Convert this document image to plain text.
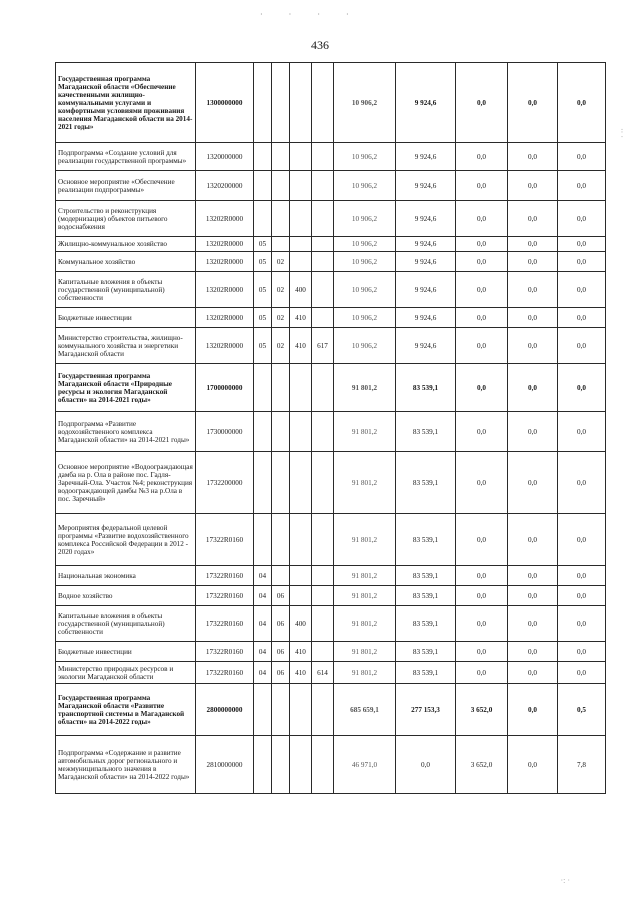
· · · ·
436
Государственная программа Магаданской области «Обеспечение качественными жилищно-коммунальными услугами и комфортными условиями проживания населения Магаданской области на 2014-2021 годы»	1300000000					10 906,2	9 924,6	0,0	0,0	0,0
Подпрограмма «Создание условий для реализации государственной программы»	1320000000					10 906,2	9 924,6	0,0	0,0	0,0
Основное мероприятие «Обеспечение реализации подпрограммы»	1320200000					10 906,2	9 924,6	0,0	0,0	0,0
Строительство и реконструкция (модернизация) объектов питьевого водоснабжения	13202R0000					10 906,2	9 924,6	0,0	0,0	0,0
Жилищно-коммунальное хозяйство	13202R0000	05				10 906,2	9 924,6	0,0	0,0	0,0
Коммунальное хозяйство	13202R0000	05	02			10 906,2	9 924,6	0,0	0,0	0,0
Капитальные вложения в объекты государственной (муниципальной) собственности	13202R0000	05	02	400		10 906,2	9 924,6	0,0	0,0	0,0
Бюджетные инвестиции	13202R0000	05	02	410		10 906,2	9 924,6	0,0	0,0	0,0
Министерство строительства, жилищно-коммунального хозяйства и энергетики Магаданской области	13202R0000	05	02	410	617	10 906,2	9 924,6	0,0	0,0	0,0
Государственная программа Магаданской области «Природные ресурсы и экология Магаданской области» на 2014-2021 годы»	1700000000					91 801,2	83 539,1	0,0	0,0	0,0
Подпрограмма «Развитие водохозяйственного комплекса Магаданской области» на 2014-2021 годы»	1730000000					91 801,2	83 539,1	0,0	0,0	0,0
Основное мероприятие «Водоограждающая дамба на р. Ола в районе пос. Гадля-Заречный-Ола. Участок №4; реконструкция водоограждающей дамбы №3 на р.Ола в пос. Заречный»	1732200000					91 801,2	83 539,1	0,0	0,0	0,0
Мероприятия федеральной целевой программы «Развитие водохозяйственного комплекса Российской Федерации в 2012 - 2020 годах»	17322R0160					91 801,2	83 539,1	0,0	0,0	0,0
Национальная экономика	17322R0160	04				91 801,2	83 539,1	0,0	0,0	0,0
Водное хозяйство	17322R0160	04	06			91 801,2	83 539,1	0,0	0,0	0,0
Капитальные вложения в объекты государственной (муниципальной) собственности	17322R0160	04	06	400		91 801,2	83 539,1	0,0	0,0	0,0
Бюджетные инвестиции	17322R0160	04	06	410		91 801,2	83 539,1	0,0	0,0	0,0
Министерство природных ресурсов и экологии Магаданской области	17322R0160	04	06	410	614	91 801,2	83 539,1	0,0	0,0	0,0
Государственная программа Магаданской области «Развитие транспортной системы в Магаданской области» на 2014-2022 годы»	2800000000					685 659,1	277 153,3	3 652,0	0,0	0,5
Подпрограмма «Содержание и развитие автомобильных дорог регионального и межмуниципального значения в Магаданской области» на 2014-2022 годы»	2810000000					46 971,0	0,0	3 652,0	0,0	7,8
·· ·
·: ·
